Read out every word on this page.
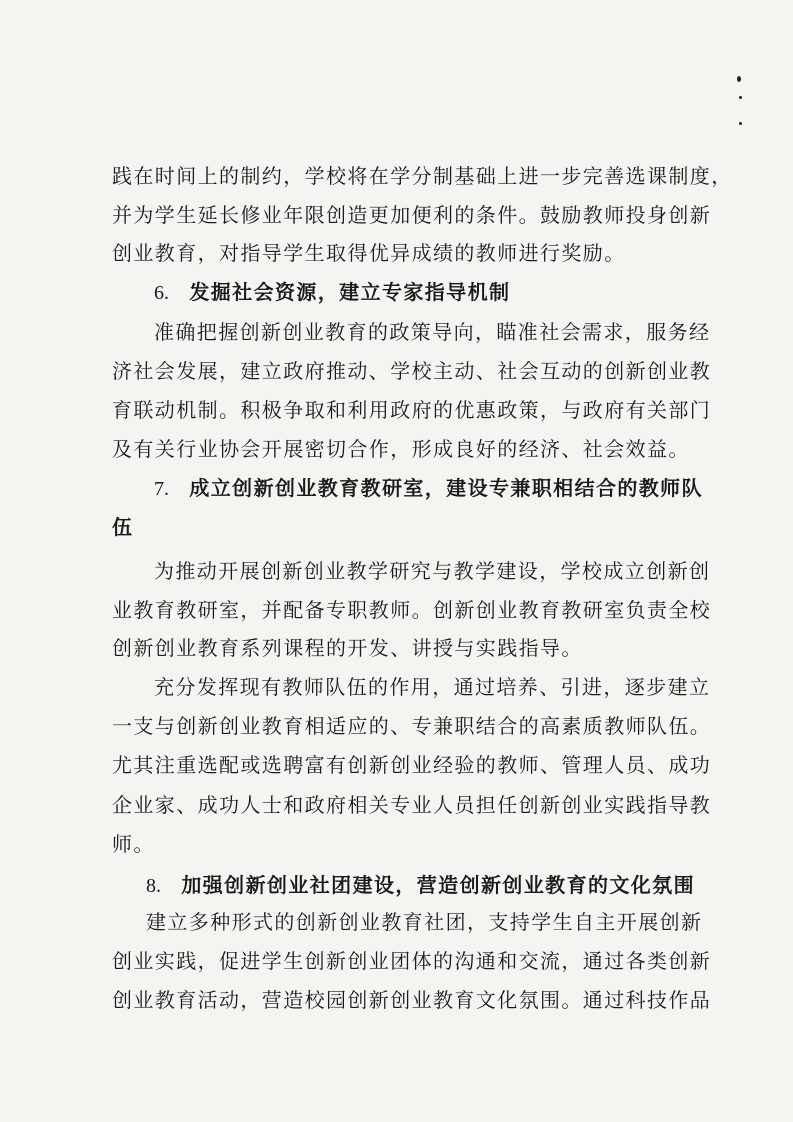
践在时间上的制约，学校将在学分制基础上进一步完善选课制度，
并为学生延长修业年限创造更加便利的条件。鼓励教师投身创新
创业教育，对指导学生取得优异成绩的教师进行奖励。
6. 发掘社会资源，建立专家指导机制
准确把握创新创业教育的政策导向，瞄准社会需求，服务经
济社会发展，建立政府推动、学校主动、社会互动的创新创业教
育联动机制。积极争取和利用政府的优惠政策，与政府有关部门
及有关行业协会开展密切合作，形成良好的经济、社会效益。
7. 成立创新创业教育教研室，建设专兼职相结合的教师队
伍
为推动开展创新创业教学研究与教学建设，学校成立创新创
业教育教研室，并配备专职教师。创新创业教育教研室负责全校
创新创业教育系列课程的开发、讲授与实践指导。
充分发挥现有教师队伍的作用，通过培养、引进，逐步建立
一支与创新创业教育相适应的、专兼职结合的高素质教师队伍。
尤其注重选配或选聘富有创新创业经验的教师、管理人员、成功
企业家、成功人士和政府相关专业人员担任创新创业实践指导教
师。
8. 加强创新创业社团建设，营造创新创业教育的文化氛围
建立多种形式的创新创业教育社团，支持学生自主开展创新
创业实践，促进学生创新创业团体的沟通和交流，通过各类创新
创业教育活动，营造校园创新创业教育文化氛围。通过科技作品
